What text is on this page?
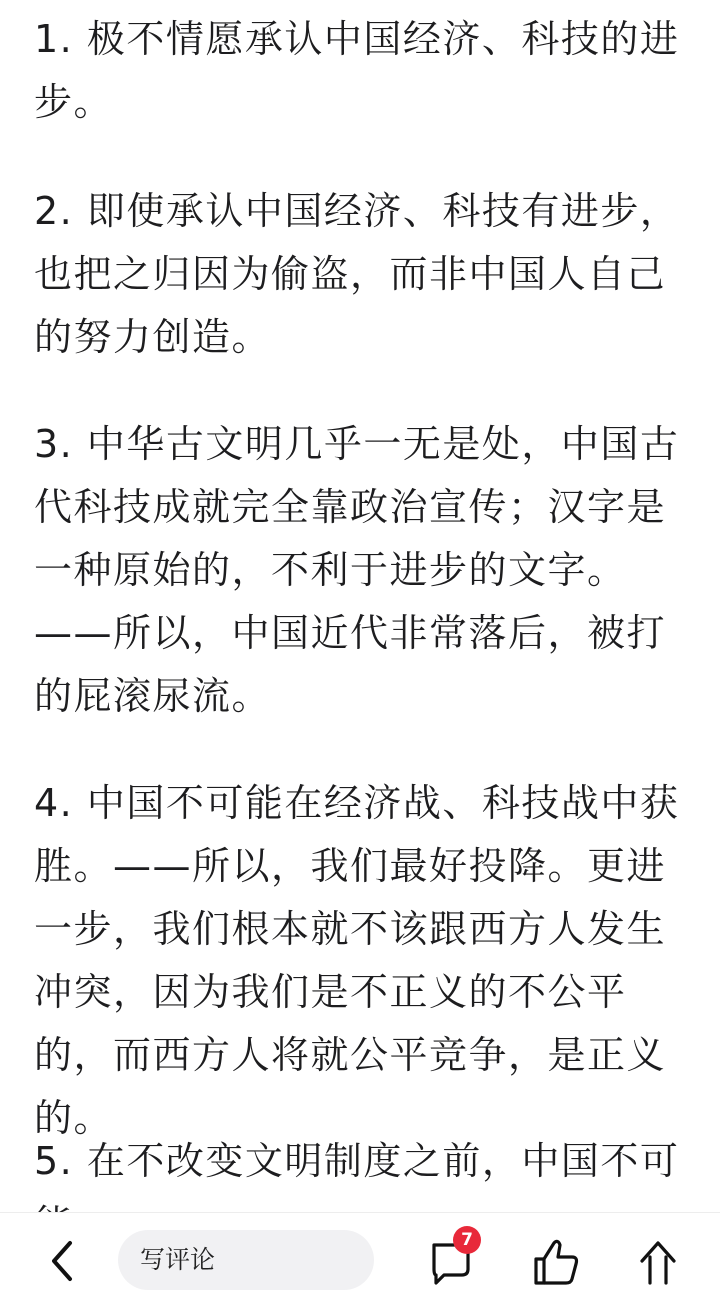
1. 极不情愿承认中国经济、科技的进步。

2. 即使承认中国经济、科技有进步，也把之归因为偷盗，而非中国人自己的努力创造。

3. 中华古文明几乎一无是处，中国古代科技成就完全靠政治宣传；汉字是一种原始的，不利于进步的文字。——所以，中国近代非常落后，被打的屁滚尿流。

4. 中国不可能在经济战、科技战中获胜。——所以，我们最好投降。更进一步，我们根本就不该跟西方人发生冲突，因为我们是不正义的不公平的，而西方人将就公平竞争，是正义的。

5. 在不改变文明制度之前，中国不可

写评论
7
